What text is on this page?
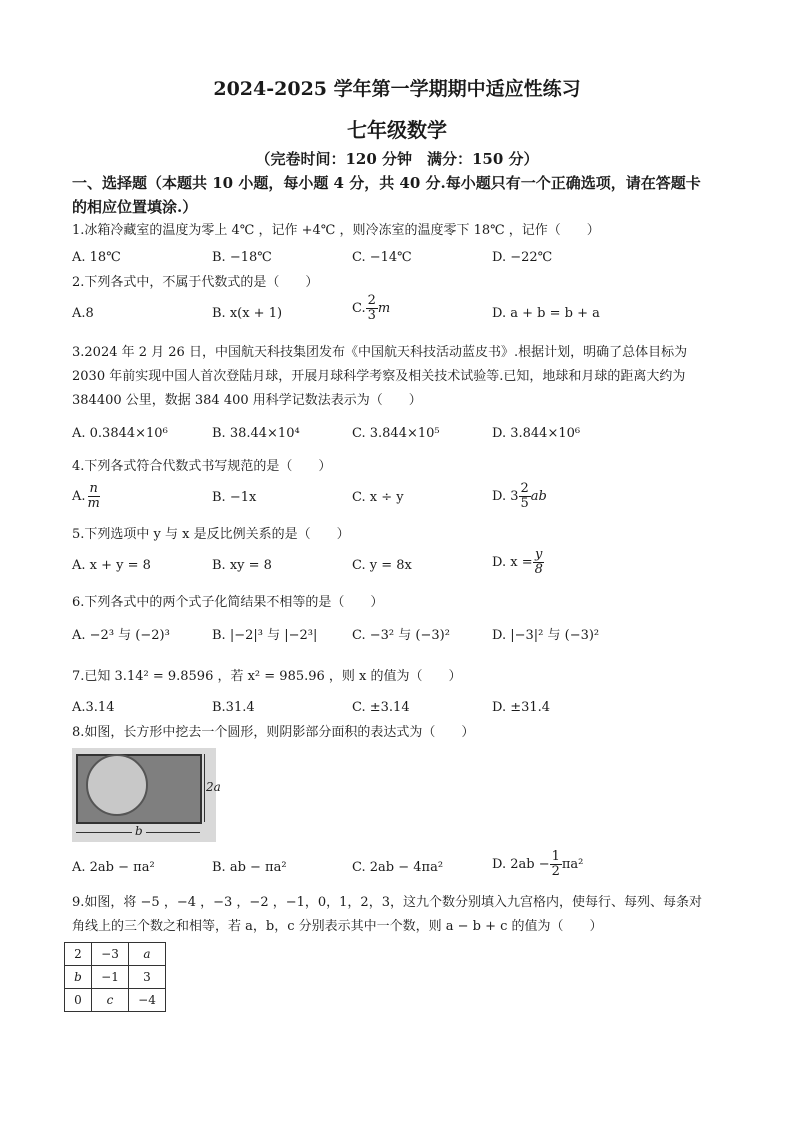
2024-2025 学年第一学期期中适应性练习
七年级数学
（完卷时间：120 分钟　满分：150 分）
一、选择题（本题共 10 小题，每小题 4 分，共 40 分.每小题只有一个正确选项，请在答题卡
的相应位置填涂.）
1.冰箱冷藏室的温度为零上 4℃ ，记作 +4℃ ，则冷冻室的温度零下 18℃ ，记作（　　）
A. 18℃	B. −18℃	C. −14℃	D. −22℃
2.下列各式中，不属于代数式的是（　　）
A.8	B. x(x + 1)	C. $\frac{2}{3}$ m	D. a + b = b + a
3.2024 年 2 月 26 日，中国航天科技集团发布《中国航天科技活动蓝皮书》.根据计划，明确了总体目标为
2030 年前实现中国人首次登陆月球，开展月球科学考察及相关技术试验等.已知，地球和月球的距离大约为
384400 公里，数据 384 400 用科学记数法表示为（　　）
A. 0.3844×10⁶	B. 38.44×10⁴	C. 3.844×10⁵	D. 3.844×10⁶
4.下列各式符合代数式书写规范的是（　　）
A. $\frac{n}{m}$	B. −1x	C. x ÷ y	D. $3 \frac{2}{5}$ ab
5.下列选项中 y 与 x 是反比例关系的是（　　）
A. x + y = 8	B. xy = 8	C. y = 8x	D. $x = \frac{y}{8}$
6.下列各式中的两个式子化简结果不相等的是（　　）
A. −2³ 与 (−2)³	B. |−2|³ 与 |−2³|	C. −3² 与 (−3)²	D. |−3|² 与 (−3)²
7.已知 3.14² = 9.8596 ，若 x² = 985.96 ，则 x 的值为（　　）
A.3.14	B.31.4	C. ±3.14	D. ±31.4
8.如图，长方形中挖去一个圆形，则阴影部分面积的表达式为（　　）
2a
b
A. 2ab − πa²	B. ab − πa²	C. 2ab − 4πa²	D. $2ab - \frac{1}{2} \pi a^2$
9.如图，将 −5 ，−4 ，−3 ，−2 ，−1，0，1，2，3，这九个数分别填入九宫格内，使每行、每列、每条对
角线上的三个数之和相等，若 a，b，c 分别表示其中一个数，则 a − b + c 的值为（　　）
2	−3	a
b	−1	3
0	c	−4
